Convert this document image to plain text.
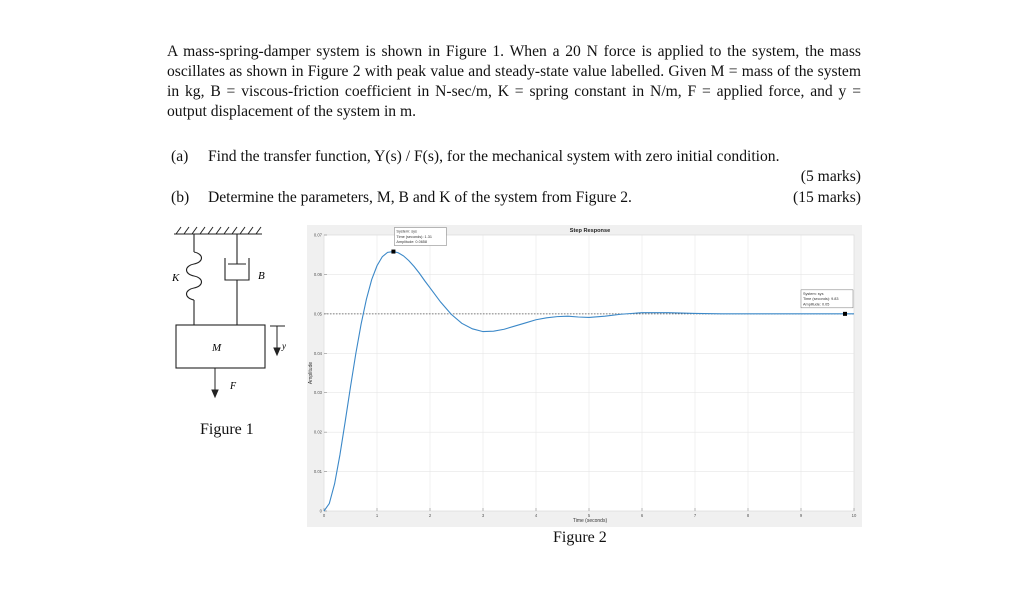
A mass-spring-damper system is shown in Figure 1. When a 20 N force is applied to the system, the mass oscillates as shown in Figure 2 with peak value and steady-state value labelled. Given M = mass of the system in kg, B = viscous-friction coefficient in N-sec/m, K = spring constant in N/m, F = applied force, and y = output displacement of the system in m.
(a) Find the transfer function, Y(s) / F(s), for the mechanical system with zero initial condition.
(5 marks)
(b) Determine the parameters, M, B and K of the system from Figure 2.	(15 marks)
K	B
M	y
F
Figure 1
0	1	2	3	4	5	6	7	8	9	10
0
0.01
0.02
0.03
0.04
0.05
0.06
0.07
Step Response
Time (seconds)
Amplitude
System: sys
Time (seconds): 1.31
Amplitude: 0.0658
System: sys
Time (seconds): 9.83
Amplitude: 0.05
Figure 2
